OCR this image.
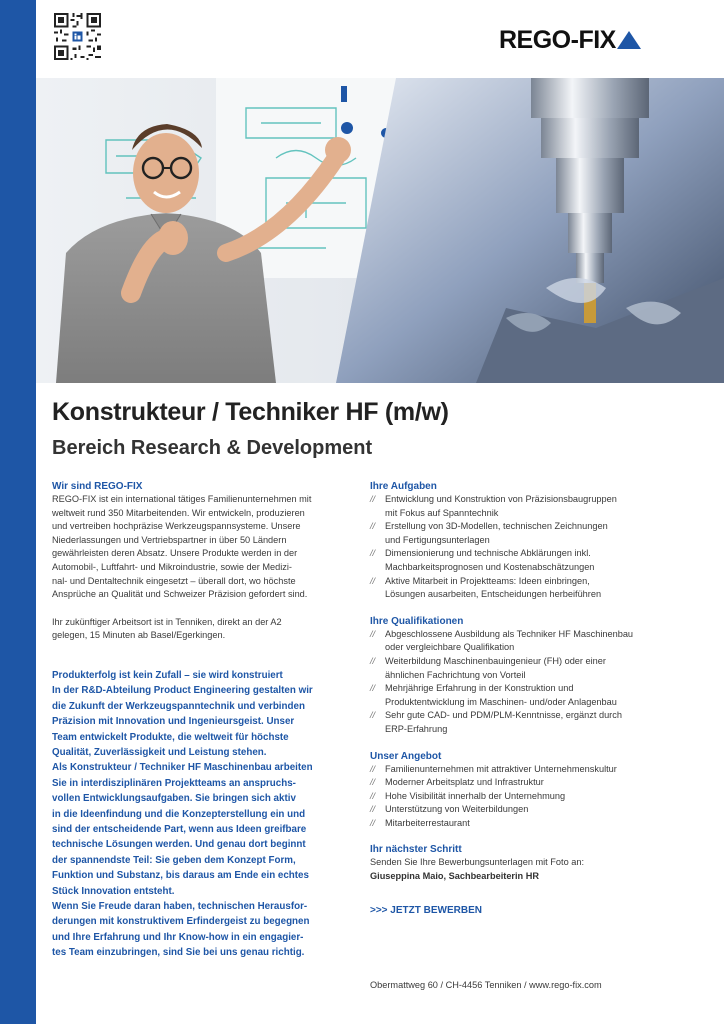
REGO-FIX
Konstrukteur / Techniker HF (m/w)
Bereich Research & Development

Wir sind REGO-FIX

REGO-FIX ist ein international tätiges Familienunternehmen mit
weltweit rund 350 Mitarbeitenden. Wir entwickeln, produzieren
und vertreiben hochpräzise Werkzeugspannsysteme. Unsere
Niederlassungen und Vertriebspartner in über 50 Ländern
gewährleisten deren Absatz. Unsere Produkte werden in der
Automobil-, Luftfahrt- und Mikroindustrie, sowie der Medizi-
nal- und Dentaltechnik eingesetzt – überall dort, wo höchste
Ansprüche an Qualität und Schweizer Präzision gefordert sind.

Ihr zukünftiger Arbeitsort ist in Tenniken, direkt an der A2
gelegen, 15 Minuten ab Basel/Egerkingen.

Produkterfolg ist kein Zufall – sie wird konstruiert
In der R&D-Abteilung Product Engineering gestalten wir
die Zukunft der Werkzeugspanntechnik und verbinden
Präzision mit Innovation und Ingenieursgeist. Unser
Team entwickelt Produkte, die weltweit für höchste
Qualität, Zuverlässigkeit und Leistung stehen.
Als Konstrukteur / Techniker HF Maschinenbau arbeiten
Sie in interdisziplinären Projektteams an anspruchs-
vollen Entwicklungsaufgaben. Sie bringen sich aktiv
in die Ideenfindung und die Konzepterstellung ein und
sind der entscheidende Part, wenn aus Ideen greifbare
technische Lösungen werden. Und genau dort beginnt
der spannendste Teil: Sie geben dem Konzept Form,
Funktion und Substanz, bis daraus am Ende ein echtes
Stück Innovation entsteht.
Wenn Sie Freude daran haben, technischen Herausfor-
derungen mit konstruktivem Erfindergeist zu begegnen
und Ihre Erfahrung und Ihr Know-how in ein engagier-
tes Team einzubringen, sind Sie bei uns genau richtig.

Ihre Aufgaben

// Entwicklung und Konstruktion von Präzisionsbaugruppen
mit Fokus auf Spanntechnik
// Erstellung von 3D-Modellen, technischen Zeichnungen
und Fertigungsunterlagen
// Dimensionierung und technische Abklärungen inkl.
Machbarkeitsprognosen und Kostenabschätzungen
// Aktive Mitarbeit in Projektteams: Ideen einbringen,
Lösungen ausarbeiten, Entscheidungen herbeiführen

Ihre Qualifikationen

// Abgeschlossene Ausbildung als Techniker HF Maschinenbau
oder vergleichbare Qualifikation
// Weiterbildung Maschinenbauingenieur (FH) oder einer
ähnlichen Fachrichtung von Vorteil
// Mehrjährige Erfahrung in der Konstruktion und
Produktentwicklung im Maschinen- und/oder Anlagenbau
// Sehr gute CAD- und PDM/PLM-Kenntnisse, ergänzt durch
ERP-Erfahrung

Unser Angebot

// Familienunternehmen mit attraktiver Unternehmenskultur
// Moderner Arbeitsplatz und Infrastruktur
// Hohe Visibilität innerhalb der Unternehmung
// Unterstützung von Weiterbildungen
// Mitarbeiterrestaurant

Ihr nächster Schritt

Senden Sie Ihre Bewerbungsunterlagen mit Foto an:

Giuseppina Maio, Sachbearbeiterin HR

>>> JETZT BEWERBEN

Obermattweg 60 / CH-4456 Tenniken / www.rego-fix.com
